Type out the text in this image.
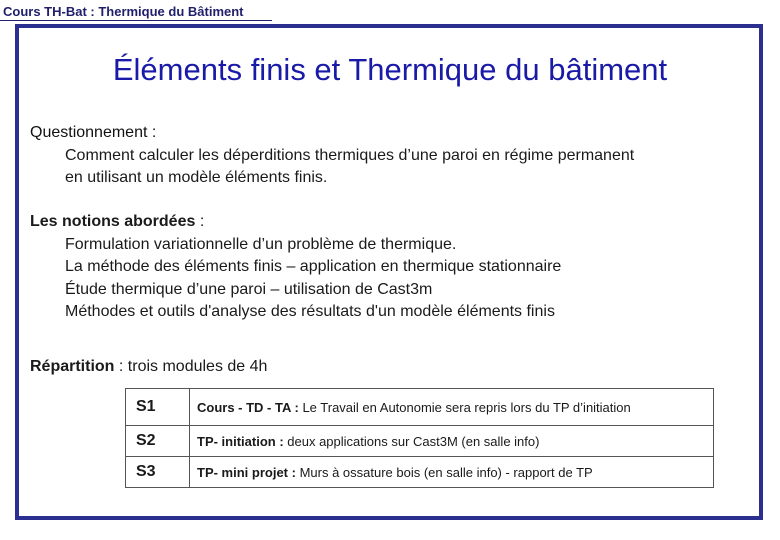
Cours TH-Bat : Thermique du Bâtiment
Éléments finis et Thermique du bâtiment
Questionnement :
Comment calculer les déperditions thermiques d’une paroi en régime permanent
en utilisant un modèle éléments finis.
Les notions abordées :
Formulation variationnelle d’un problème de thermique.
La méthode des éléments finis – application en thermique stationnaire
Étude thermique d’une paroi – utilisation de Cast3m
Méthodes et outils d'analyse des résultats d'un modèle éléments finis
Répartition : trois modules de 4h
S1	Cours - TD - TA : Le Travail en Autonomie sera repris lors du TP d’initiation
S2	TP- initiation : deux applications sur Cast3M (en salle info)
S3	TP- mini projet : Murs à ossature bois (en salle info) - rapport de TP
